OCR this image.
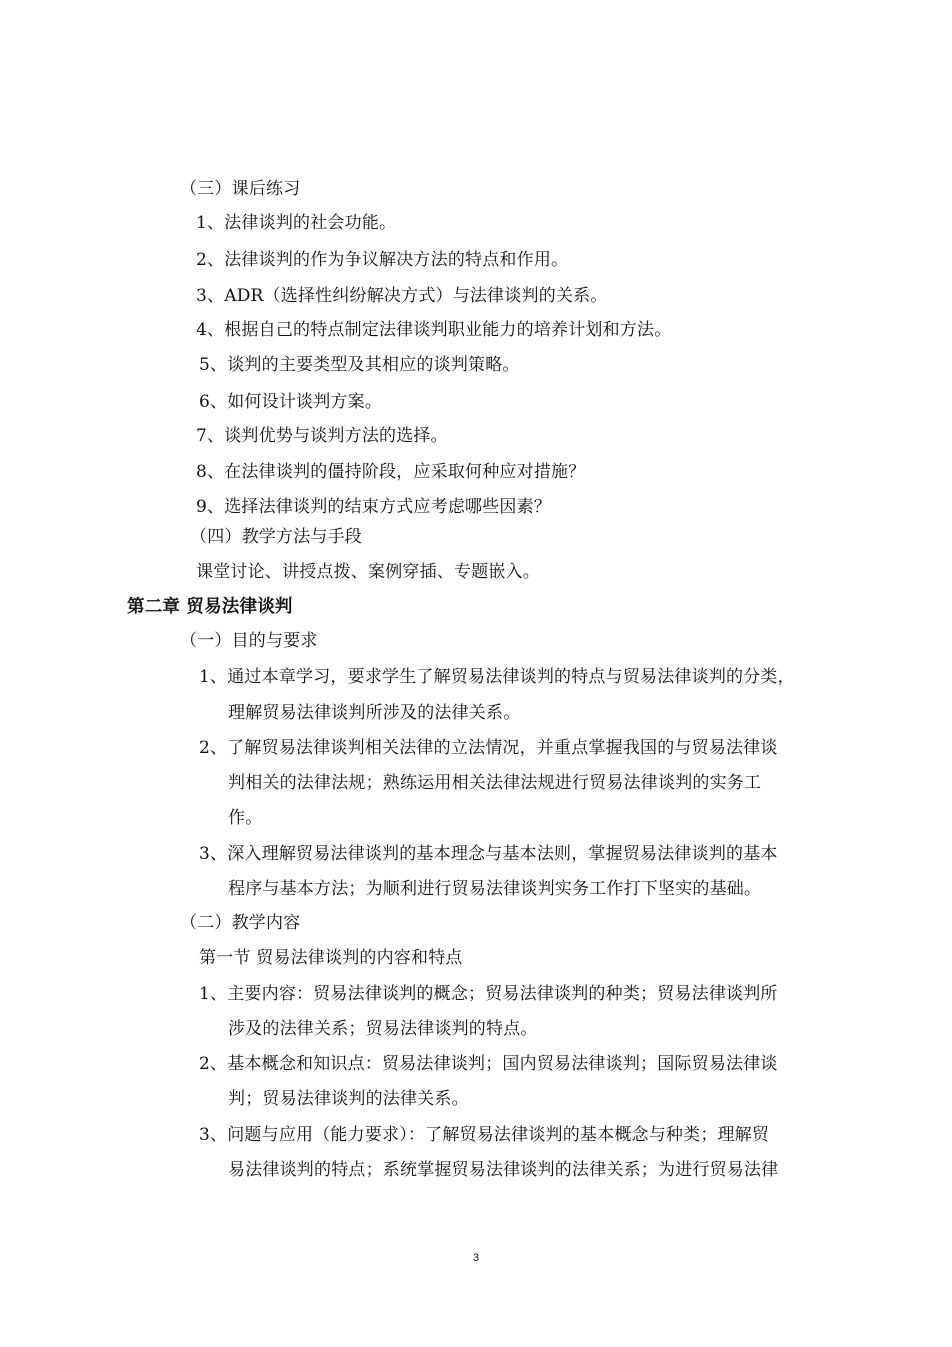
（三）课后练习
1、法律谈判的社会功能。
2、法律谈判的作为争议解决方法的特点和作用。
3、ADR（选择性纠纷解决方式）与法律谈判的关系。
4、根据自己的特点制定法律谈判职业能力的培养计划和方法。
5、谈判的主要类型及其相应的谈判策略。
6、如何设计谈判方案。
7、谈判优势与谈判方法的选择。
8、在法律谈判的僵持阶段，应采取何种应对措施？
9、选择法律谈判的结束方式应考虑哪些因素？
（四）教学方法与手段
课堂讨论、讲授点拨、案例穿插、专题嵌入。
第二章 贸易法律谈判
（一）目的与要求
1、通过本章学习，要求学生了解贸易法律谈判的特点与贸易法律谈判的分类，
理解贸易法律谈判所涉及的法律关系。
2、了解贸易法律谈判相关法律的立法情况，并重点掌握我国的与贸易法律谈
判相关的法律法规；熟练运用相关法律法规进行贸易法律谈判的实务工
作。
3、深入理解贸易法律谈判的基本理念与基本法则，掌握贸易法律谈判的基本
程序与基本方法；为顺利进行贸易法律谈判实务工作打下坚实的基础。
（二）教学内容
第一节 贸易法律谈判的内容和特点
1、主要内容：贸易法律谈判的概念；贸易法律谈判的种类；贸易法律谈判所
涉及的法律关系；贸易法律谈判的特点。
2、基本概念和知识点：贸易法律谈判；国内贸易法律谈判；国际贸易法律谈
判；贸易法律谈判的法律关系。
3、问题与应用（能力要求）：了解贸易法律谈判的基本概念与种类；理解贸
易法律谈判的特点；系统掌握贸易法律谈判的法律关系；为进行贸易法律
3
